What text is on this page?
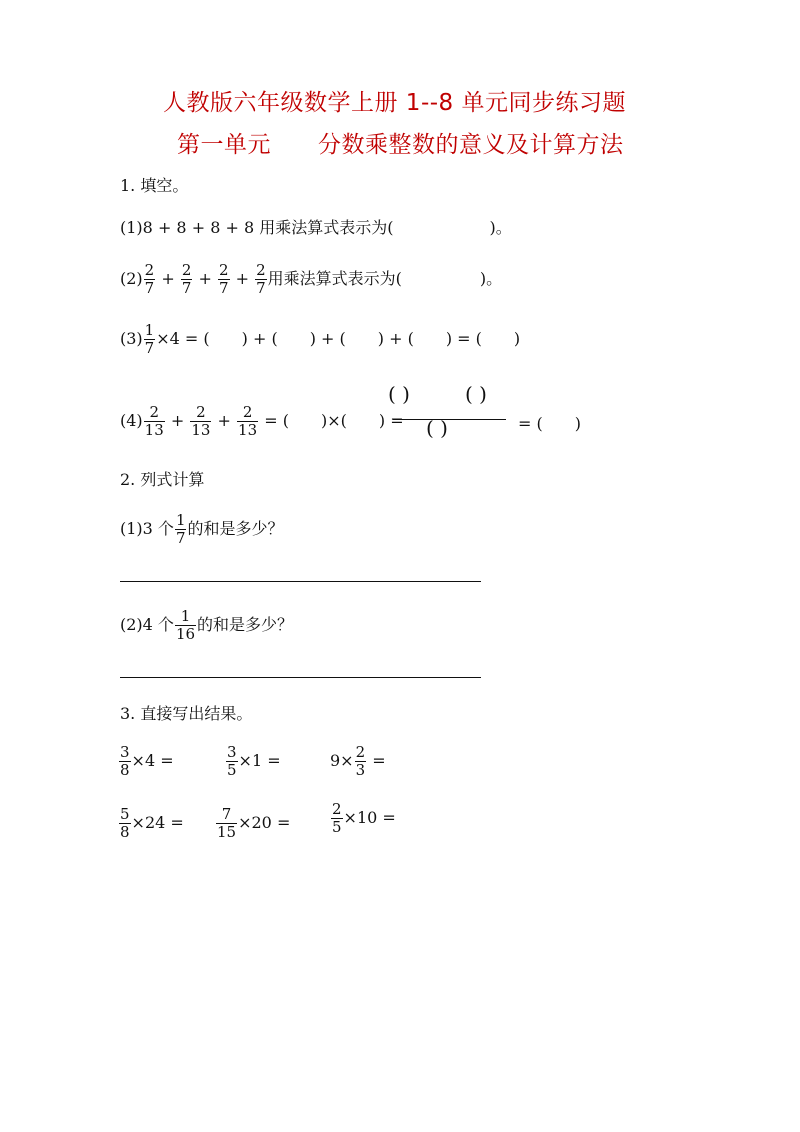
人教版六年级数学上册 1--8 单元同步练习题
第一单元　　分数乘整数的意义及计算方法
1. 填空。
(1)8 + 8 + 8 + 8 用乘法算式表示为(	)。
$(2) \frac{2}{7} + \frac{2}{7} + \frac{2}{7} + \frac{2}{7}$ 用乘法算式表示为(	)。
$(3) \frac{1}{7} \times 4$ = (　　) + (　　) + (　　) + (　　) = (　　)
$(4) \frac{2}{13} + \frac{2}{13} + \frac{2}{13}$ = (　　)×(　　) =
( )	( )
( )	= (　　)
2. 列式计算
(1)3 个 $\frac{1}{7}$ 的和是多少？
(2)4 个 $\frac{1}{16}$ 的和是多少？
3. 直接写出结果。
$\frac{3}{8} \times 4$ =	$\frac{3}{5} \times 1$ =	$9\times \frac{2}{3}$ =
$\frac{5}{8} \times 24 = \frac{7}{15} \times 20$ =	$\frac{2}{5} \times 10$ =
